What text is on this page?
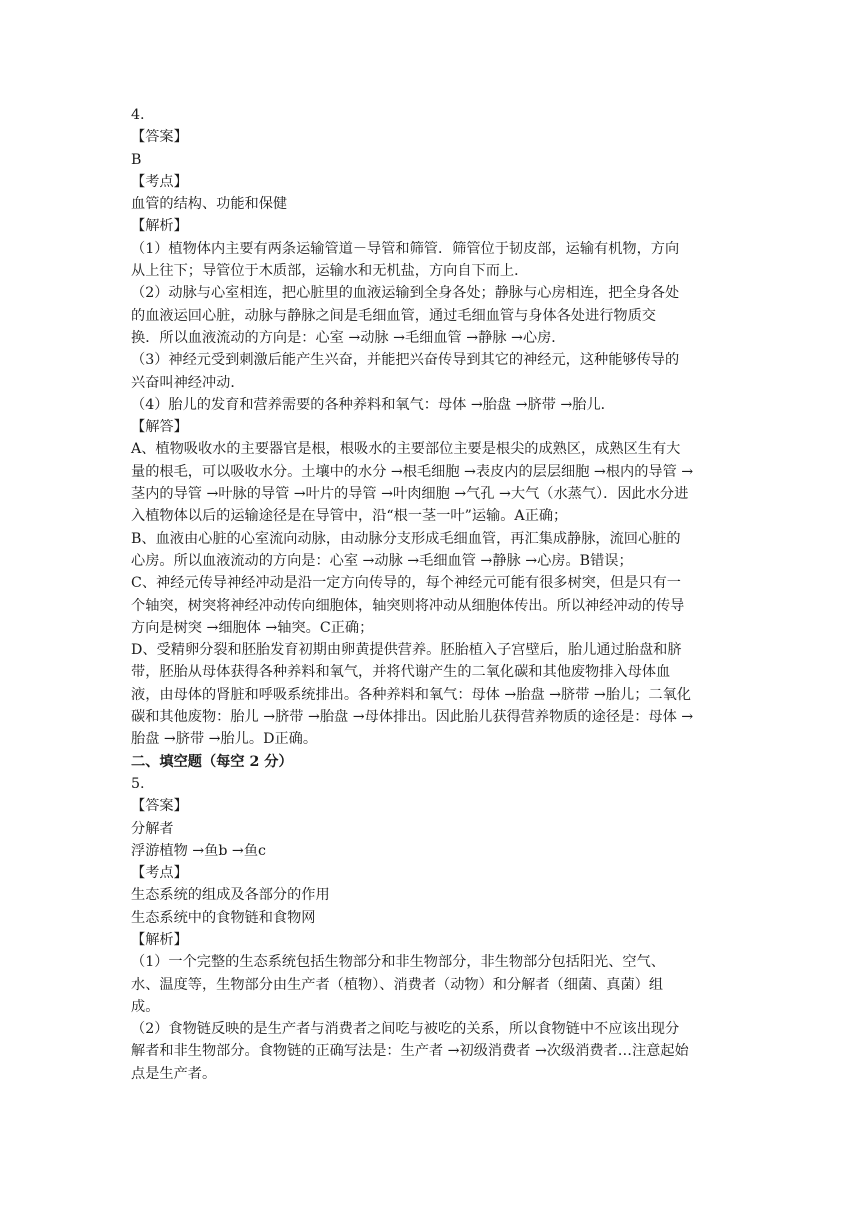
4.
【答案】
B
【考点】
血管的结构、功能和保健
【解析】
（1）植物体内主要有两条运输管道－导管和筛管．筛管位于韧皮部，运输有机物，方向
从上往下；导管位于木质部，运输水和无机盐，方向自下而上．
（2）动脉与心室相连，把心脏里的血液运输到全身各处；静脉与心房相连，把全身各处
的血液运回心脏，动脉与静脉之间是毛细血管，通过毛细血管与身体各处进行物质交
换．所以血液流动的方向是：心室 →动脉 →毛细血管 →静脉 →心房．
（3）神经元受到刺激后能产生兴奋，并能把兴奋传导到其它的神经元，这种能够传导的
兴奋叫神经冲动．
（4）胎儿的发育和营养需要的各种养料和氧气：母体 →胎盘 →脐带 →胎儿．
【解答】
A、植物吸收水的主要器官是根，根吸水的主要部位主要是根尖的成熟区，成熟区生有大
量的根毛，可以吸收水分。土壤中的水分 →根毛细胞 →表皮内的层层细胞 →根内的导管 →
茎内的导管 →叶脉的导管 →叶片的导管 →叶肉细胞 →气孔 →大气（水蒸气）．因此水分进
入植物体以后的运输途径是在导管中，沿“根一茎一叶”运输。A正确；
B、血液由心脏的心室流向动脉，由动脉分支形成毛细血管，再汇集成静脉，流回心脏的
心房。所以血液流动的方向是：心室 →动脉 →毛细血管 →静脉 →心房。B错误；
C、神经元传导神经冲动是沿一定方向传导的，每个神经元可能有很多树突，但是只有一
个轴突，树突将神经冲动传向细胞体，轴突则将冲动从细胞体传出。所以神经冲动的传导
方向是树突 →细胞体 →轴突。C正确；
D、受精卵分裂和胚胎发育初期由卵黄提供营养。胚胎植入子宫壁后，胎儿通过胎盘和脐
带，胚胎从母体获得各种养料和氧气，并将代谢产生的二氧化碳和其他废物排入母体血
液，由母体的肾脏和呼吸系统排出。各种养料和氧气：母体 →胎盘 →脐带 →胎儿；二氧化
碳和其他废物：胎儿 →脐带 →胎盘 →母体排出。因此胎儿获得营养物质的途径是：母体 →
胎盘 →脐带 →胎儿。D正确。
二、填空题（每空 2 分）
5.
【答案】
分解者
浮游植物 →鱼b →鱼c
【考点】
生态系统的组成及各部分的作用
生态系统中的食物链和食物网
【解析】
（1）一个完整的生态系统包括生物部分和非生物部分，非生物部分包括阳光、空气、
水、温度等，生物部分由生产者（植物）、消费者（动物）和分解者（细菌、真菌）组
成。
（2）食物链反映的是生产者与消费者之间吃与被吃的关系，所以食物链中不应该出现分
解者和非生物部分。食物链的正确写法是：生产者 →初级消费者 →次级消费者…注意起始
点是生产者。
